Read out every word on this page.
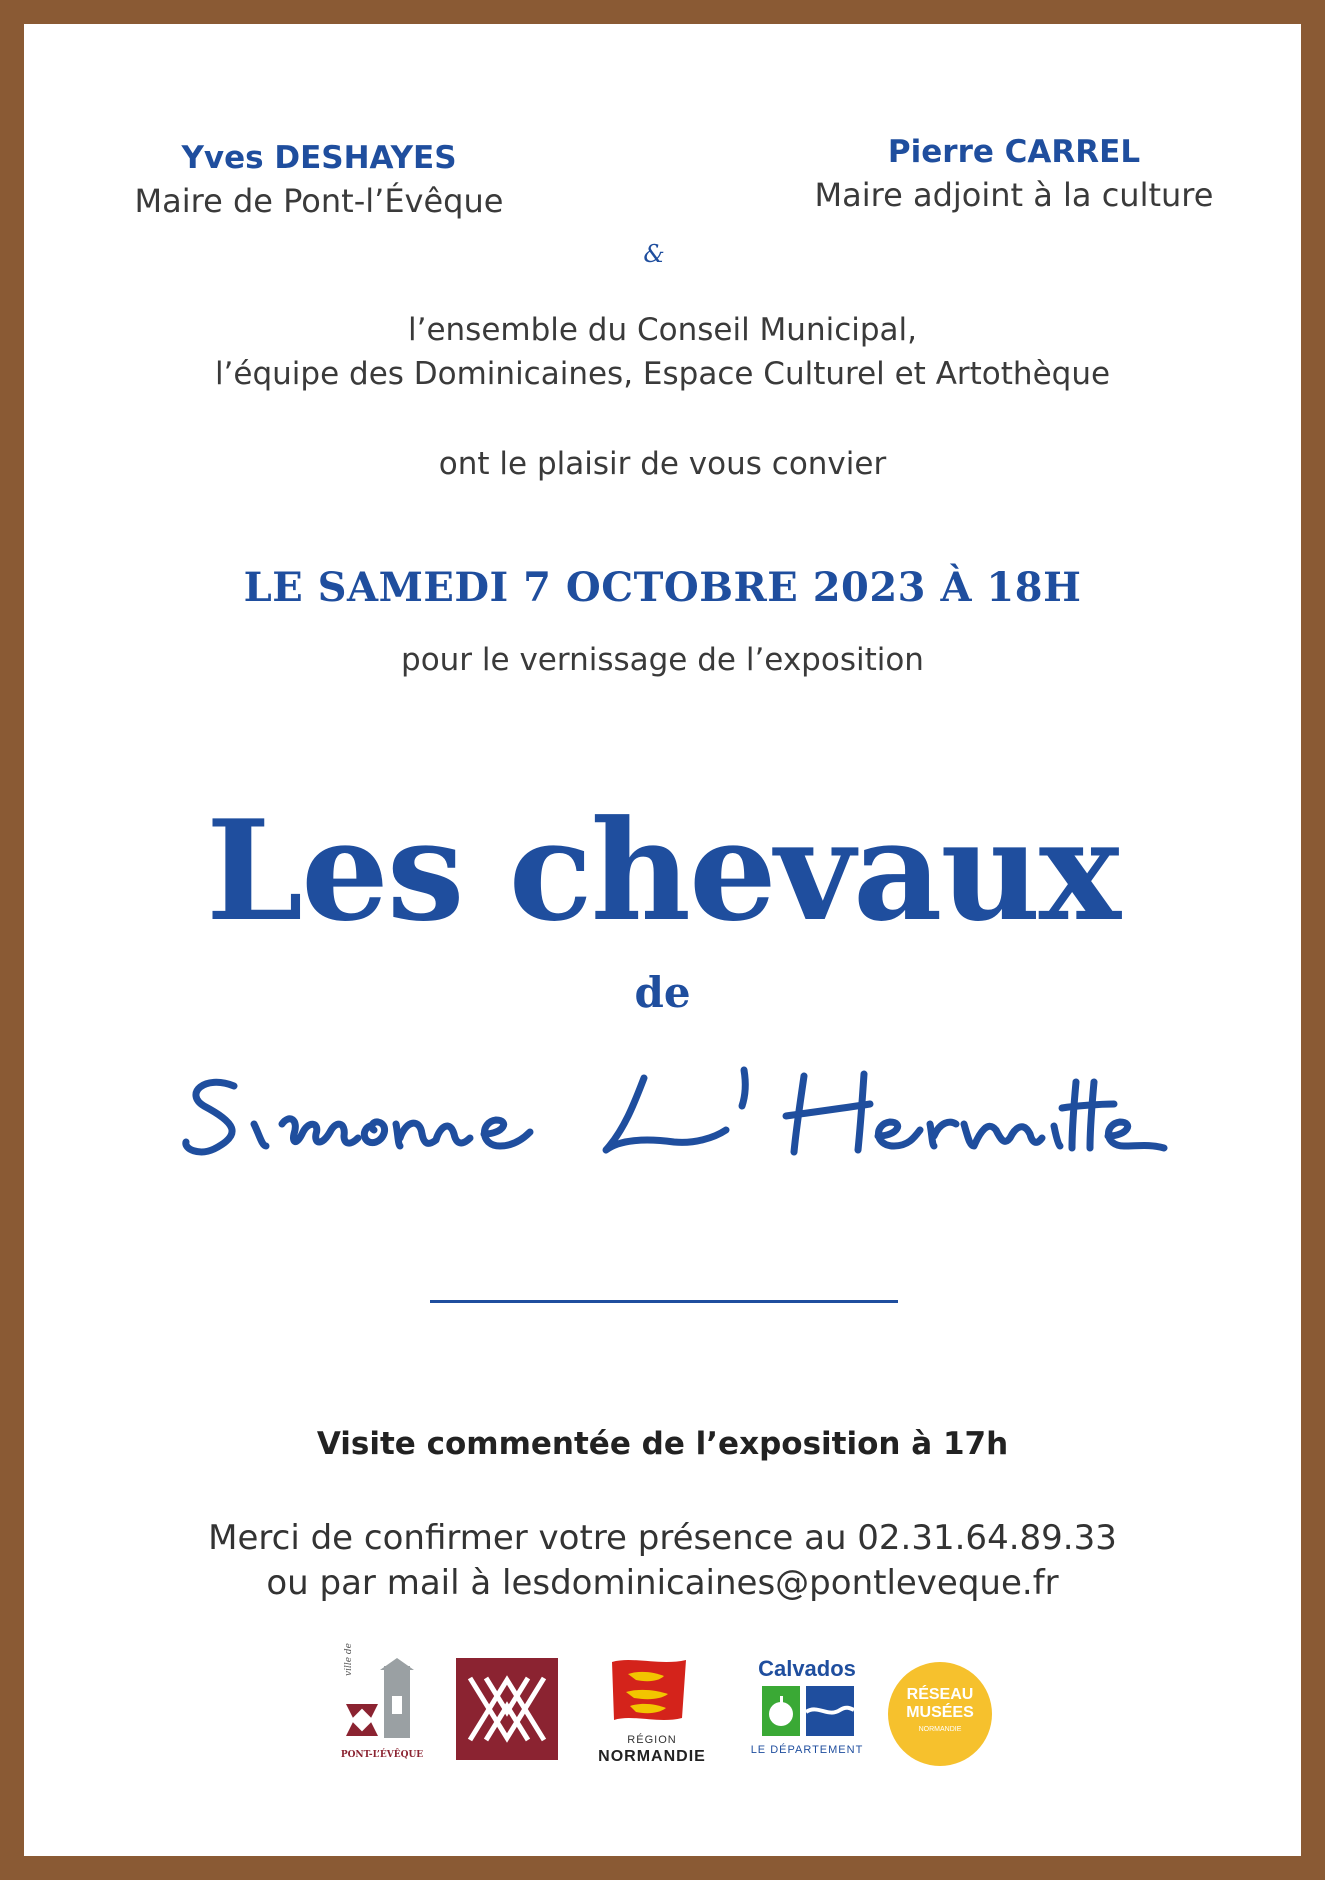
Yves DESHAYES
Maire de Pont-l’Évêque
Pierre CARREL
Maire adjoint à la culture
&
l’ensemble du Conseil Municipal,
l’équipe des Dominicaines, Espace Culturel et Artothèque
ont le plaisir de vous convier
LE SAMEDI 7 OCTOBRE 2023 À 18H
pour le vernissage de l’exposition
Les chevaux
de
Visite commentée de l’exposition à 17h
Merci de confirmer votre présence au 02.31.64.89.33
ou par mail à lesdominicaines@pontleveque.fr
ville de
PONT-L’ÉVÊQUE
RÉGION
NORMANDIE
Calvados
LE DÉPARTEMENT
RÉSEAU
MUSÉES
NORMANDIE
